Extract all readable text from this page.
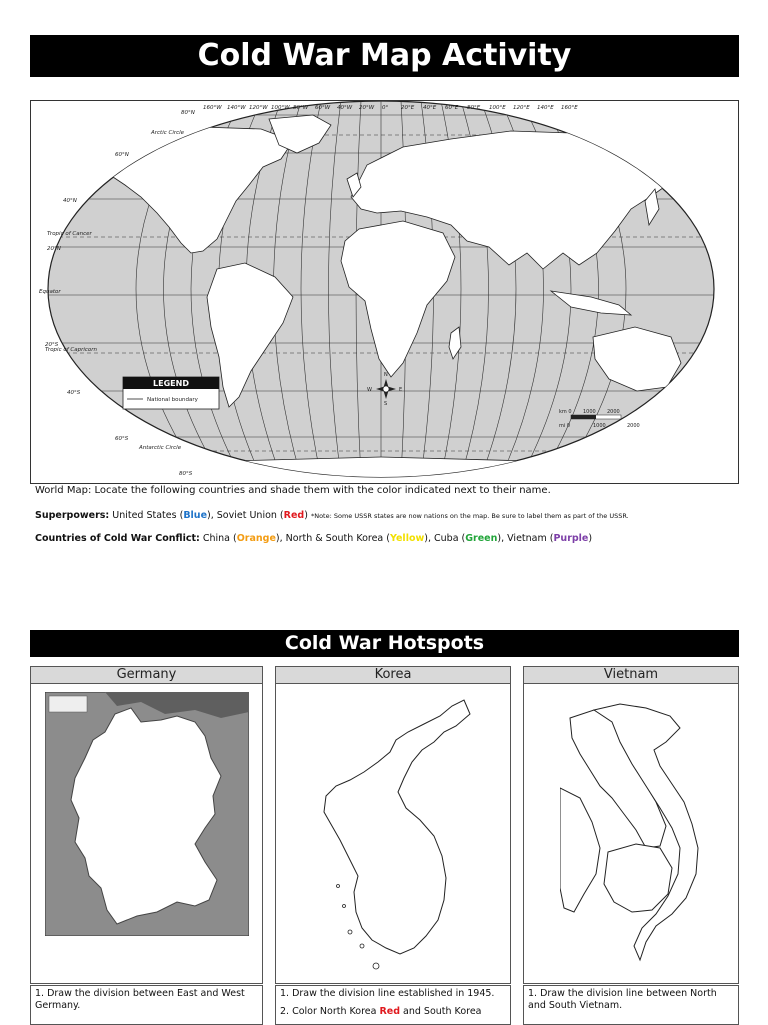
Cold War Map Activity
160°W 140°W 120°W 100°W 80°W 60°W 40°W 20°W 0° 20°E 40°E 60°E 80°E 100°E 120°E 140°E 160°E
80°N
Arctic Circle
60°N
40°N
Tropic of Cancer
20°N
Equator
20°S
Tropic of Capricorn
40°S
60°S
Antarctic Circle
80°S
LEGEND
National boundary
N
E
W
S
km 0 1000 2000
mi 0	1000	2000
World Map: Locate the following countries and shade them with the color indicated next to their name.
Superpowers: United States (Blue), Soviet Union (Red) *Note: Some USSR states are now nations on the map. Be sure to label them as part of the USSR.
Countries of Cold War Conflict: China (Orange), North & South Korea (Yellow), Cuba (Green), Vietnam (Purple)
Cold War Hotspots
Germany	Korea	Vietnam

1. Draw the division between East and West Germany.

1. Draw the division line established in 1945.

2. Color North Korea Red and South Korea

1. Draw the division line between North and South Vietnam.
